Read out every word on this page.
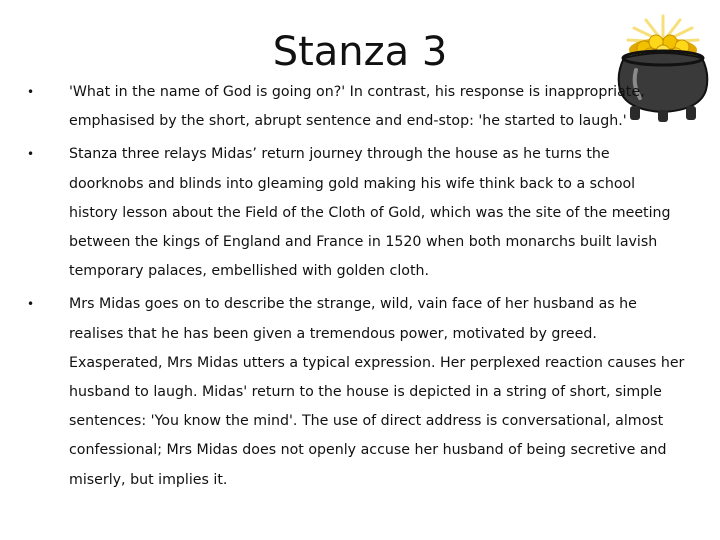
Stanza 3
• 'What in the name of God is going on?' In contrast, his response is inappropriate, emphasised by the short, abrupt sentence and end-stop: 'he started to laugh.'
• Stanza three relays Midas’ return journey through the house as he turns the doorknobs and blinds into gleaming gold making his wife think back to a school history lesson about the Field of the Cloth of Gold, which was the site of the meeting between the kings of England and France in 1520 when both monarchs built lavish temporary palaces, embellished with golden cloth.
• Mrs Midas goes on to describe the strange, wild, vain face of her husband as he realises that he has been given a tremendous power, motivated by greed. Exasperated, Mrs Midas utters a typical expression. Her perplexed reaction causes her husband to laugh. Midas' return to the house is depicted in a string of short, simple sentences: 'You know the mind'. The use of direct address is conversational, almost confessional; Mrs Midas does not openly accuse her husband of being secretive and miserly, but implies it.
